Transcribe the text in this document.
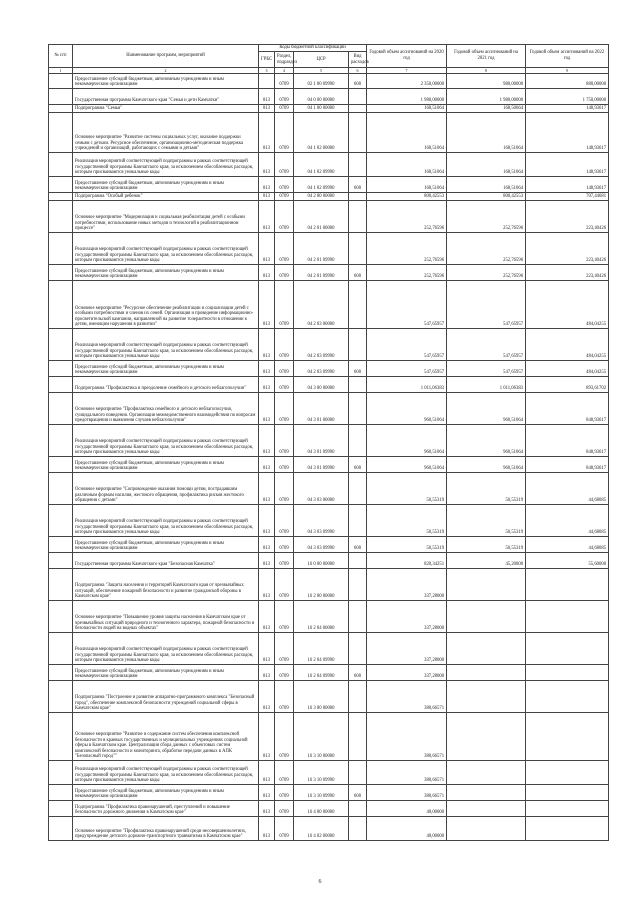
№ п/п	Наименование программ, мероприятий	Коды бюджетной классификации				Годовой объем ассигнований на 2020 год	Годовой объем ассигнований на 2021 год	Годовой объем ассигнований на 2022 год
		ГРБС	Раздел, подраздел	ЦСР	Вид расходов			
1	2	3	4	5	6	7	8	9
	Предоставление субсидий бюджетным, автономным учреждениям и иным некоммерческим организациям		0709	02 1 00 09990	600	2 350,00000	980,00000	880,00000
	Государственная программа Камчатского края "Семья и дети Камчатки"	813	0709	04 0 00 00000		1 980,00000	1 980,00000	1 750,00000
	Подпрограмма "Семья"	813	0709	04 1 00 00000		168,51064	168,50664	148,93617
	Основное мероприятие "Развитие системы социальных услуг, оказание поддержки семьям с детьми. Ресурсное обеспечение, организационно-методическая поддержка учреждений и организаций, работающих с семьями и детьми"	813	0709	04 1 02 00000		168,51064	168,51064	148,93617
	Реализация мероприятий соответствующей подпрограммы в рамках соответствующей государственной программы Камчатского края, за исключением обособленных расходов, которым присваиваются уникальные коды	813	0709	04 1 02 09990		168,51064	168,51064	148,93617
	Предоставление субсидий бюджетным, автономным учреждениям и иным некоммерческим организациям	813	0709	04 1 02 09990	600	168,51064	168,51064	148,93617
	Подпрограмма "Особый ребенок"	813	0709	04 2 00 00000		800,42553	800,42553	707,44681
	Основное мероприятие "Модернизация и социальная реабилитация детей с особыми потребностями, использование новых методов и технологий в реабилитационном процессе"	813	0709	04 2 01 00000		252,76596	252,76596	223,40426
	Реализация мероприятий соответствующей подпрограммы в рамках соответствующей государственной программы Камчатского края, за исключением обособленных расходов, которым присваиваются уникальные коды	813	0709	04 2 01 09990		252,76596	252,76596	223,40426
	Предоставление субсидий бюджетным, автономным учреждениям и иным некоммерческим организациям	813	0709	04 2 01 09990	600	252,76596	252,76596	223,40426
	Основное мероприятие "Ресурсное обеспечение реабилитации и социализации детей с особыми потребностями и членов их семей. Организация и проведение информационно-просветительской кампании, направленной на развитие толерантности в отношении к детям, имеющим нарушения в развитии"	813	0709	04 2 03 00000		547,65957	547,65957	484,04255
	Реализация мероприятий соответствующей подпрограммы в рамках соответствующей государственной программы Камчатского края, за исключением обособленных расходов, которым присваиваются уникальные коды	813	0709	04 2 03 09990		547,65957	547,65957	484,04255
	Предоставление субсидий бюджетным, автономным учреждениям и иным некоммерческим организациям	813	0709	04 2 03 09990	600	547,65957	547,65957	484,04255
	Подпрограмма "Профилактика и преодоление семейного и детского неблагополучия"	813	0709	04 3 00 00000		1 011,06383	1 011,06383	893,61702
	Основное мероприятие "Профилактика семейного и детского неблагополучия, суицидального поведения. Организация межведомственного взаимодействия по вопросам предотвращения и выявления случаев неблагополучия"	813	0709	04 3 01 00000		960,51064	960,51064	848,93617
	Реализация мероприятий соответствующей подпрограммы в рамках соответствующей государственной программы Камчатского края, за исключением обособленных расходов, которым присваиваются уникальные коды	813	0709	04 3 01 09990		960,51064	960,51064	848,93617
	Предоставление субсидий бюджетным, автономным учреждениям и иным некоммерческим организациям	813	0709	04 3 01 09990	600	960,51064	960,51064	848,93617
	Основное мероприятие "Сопровождение оказания помощи детям, пострадавшим различным формам насилия, жестокого обращения, профилактика рисков жестокого обращения с детьми"	813	0709	04 3 03 00000		50,55319	50,55319	44,68085
	Реализация мероприятий соответствующей подпрограммы в рамках соответствующей государственной программы Камчатского края, за исключением обособленных расходов, которым присваиваются уникальные коды	813	0709	04 3 03 09990		50,55319	50,55319	44,68085
	Предоставление субсидий бюджетным, автономным учреждениям и иным некоммерческим организациям	813	0709	04 3 03 09990	600	50,55319	50,55319	44,68085
	Государственная программа Камчатского края "Безопасная Камчатка"	813	0709	16 0 00 00000		820,34251	45,20000	55,60000
	Подпрограмма "Защита населения и территорий Камчатского края от чрезвычайных ситуаций, обеспечение пожарной безопасности и развитие гражданской обороны в Камчатском крае"	813	0709	16 2 00 00000		337,28000		
	Основное мероприятие "Повышение уровня защиты населения в Камчатском крае от чрезвычайных ситуаций природного и техногенного характера, пожарной безопасности и безопасности людей на водных объектах"	813	0709	16 2 04 00000		337,28000		
	Реализация мероприятий соответствующей подпрограммы в рамках соответствующей государственной программы Камчатского края, за исключением обособленных расходов, которым присваиваются уникальные коды	813	0709	16 2 04 09990		337,28000		
	Предоставление субсидий бюджетным, автономным учреждениям и иным некоммерческим организациям	813	0709	16 2 04 09990	600	337,28000		
	Подпрограмма "Построение и развитие аппаратно-программного комплекса "Безопасный город", обеспечение комплексной безопасности учреждений социальной сферы в Камчатском крае"	813	0709	16 3 00 00000		380,66571		
	Основное мероприятие "Развитие и содержание систем обеспечения комплексной безопасности в краевых государственных и муниципальных учреждениях социальной сферы в Камчатском крае. Централизация сбора данных с объектовых систем комплексной безопасности и мониторинга, обработке передачи данных в АПК "Безопасный город""	813	0709	16 3 10 00000		380,66571		
	Реализация мероприятий соответствующей подпрограммы в рамках соответствующей государственной программы Камчатского края, за исключением обособленных расходов, которым присваиваются уникальные коды	813	0709	16 3 10 09990		380,66571		
	Предоставление субсидий бюджетным, автономным учреждениям и иным некоммерческим организациям	813	0709	16 3 10 09990	600	380,66571		
	Подпрограмма "Профилактика правонарушений, преступлений и повышение безопасности дорожного движения в Камчатском крае"	813	0709	16 4 00 00000		40,00000		
	Основное мероприятие "Профилактика правонарушений среди несовершеннолетних, предупреждение детского дорожно-транспортного травматизма в Камчатском крае"	813	0709	16 4 02 00000		40,00000		
6
